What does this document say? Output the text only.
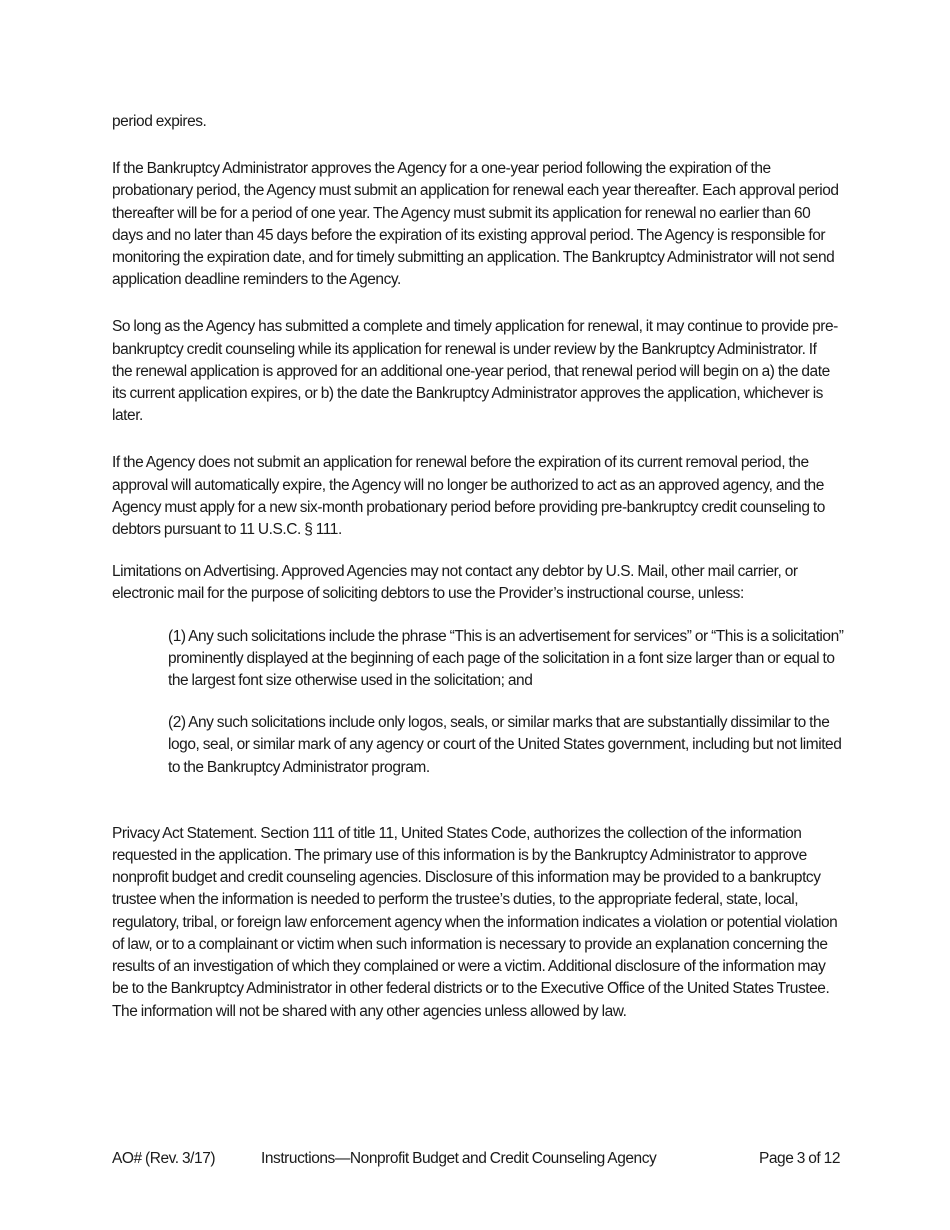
period expires.

If the Bankruptcy Administrator approves the Agency for a one-year period following the expiration of the probationary period, the Agency must submit an application for renewal each year thereafter. Each approval period thereafter will be for a period of one year. The Agency must submit its application for renewal no earlier than 60 days and no later than 45 days before the expiration of its existing approval period. The Agency is responsible for monitoring the expiration date, and for timely submitting an application. The Bankruptcy Administrator will not send application deadline reminders to the Agency.

So long as the Agency has submitted a complete and timely application for renewal, it may continue to provide pre-bankruptcy credit counseling while its application for renewal is under review by the Bankruptcy Administrator. If the renewal application is approved for an additional one-year period, that renewal period will begin on a) the date its current application expires, or b) the date the Bankruptcy Administrator approves the application, whichever is later.

If the Agency does not submit an application for renewal before the expiration of its current removal period, the approval will automatically expire, the Agency will no longer be authorized to act as an approved agency, and the Agency must apply for a new six-month probationary period before providing pre-bankruptcy credit counseling to debtors pursuant to 11 U.S.C. § 111.

Limitations on Advertising. Approved Agencies may not contact any debtor by U.S. Mail, other mail carrier, or electronic mail for the purpose of soliciting debtors to use the Provider’s instructional course, unless:

(1) Any such solicitations include the phrase “This is an advertisement for services” or “This is a solicitation” prominently displayed at the beginning of each page of the solicitation in a font size larger than or equal to the largest font size otherwise used in the solicitation; and

(2) Any such solicitations include only logos, seals, or similar marks that are substantially dissimilar to the logo, seal, or similar mark of any agency or court of the United States government, including but not limited to the Bankruptcy Administrator program.

Privacy Act Statement. Section 111 of title 11, United States Code, authorizes the collection of the information requested in the application. The primary use of this information is by the Bankruptcy Administrator to approve nonprofit budget and credit counseling agencies. Disclosure of this information may be provided to a bankruptcy trustee when the information is needed to perform the trustee’s duties, to the appropriate federal, state, local, regulatory, tribal, or foreign law enforcement agency when the information indicates a violation or potential violation of law, or to a complainant or victim when such information is necessary to provide an explanation concerning the results of an investigation of which they complained or were a victim. Additional disclosure of the information may be to the Bankruptcy Administrator in other federal districts or to the Executive Office of the United States Trustee. The information will not be shared with any other agencies unless allowed by law.

AO# (Rev. 3/17)	Instructions—Nonprofit Budget and Credit Counseling Agency	Page 3 of 12
